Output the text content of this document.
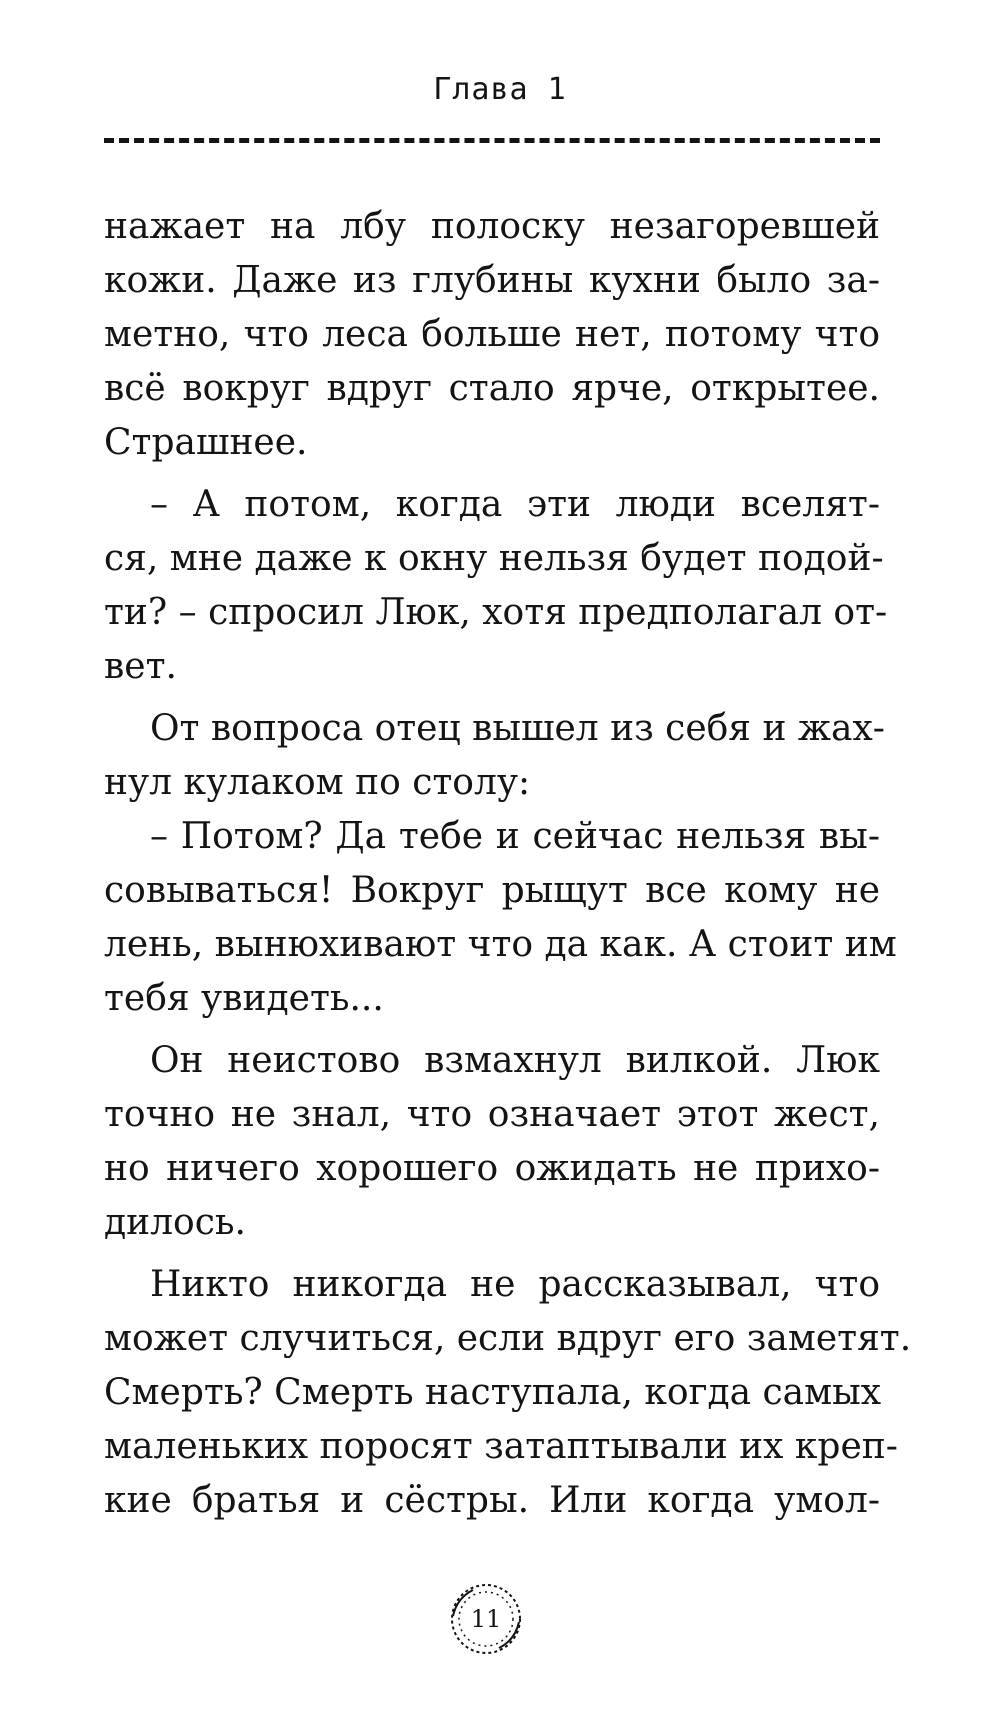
Глава 1
нажает на лбу полоску незагоревшей
кожи. Даже из глубины кухни было за-
метно, что леса больше нет, потому что
всё вокруг вдруг стало ярче, открытее.
Страшнее.
– А потом, когда эти люди вселят-
ся, мне даже к окну нельзя будет подой-
ти? – спросил Люк, хотя предполагал от-
вет.
От вопроса отец вышел из себя и жах-
нул кулаком по столу:
– Потом? Да тебе и сейчас нельзя вы-
совываться! Вокруг рыщут все кому не
лень, вынюхивают что да как. А стоит им
тебя увидеть...
Он неистово взмахнул вилкой. Люк
точно не знал, что означает этот жест,
но ничего хорошего ожидать не прихо-
дилось.
Никто никогда не рассказывал, что
может случиться, если вдруг его заметят.
Смерть? Смерть наступала, когда самых
маленьких поросят затаптывали их креп-
кие братья и сёстры. Или когда умол-
11
